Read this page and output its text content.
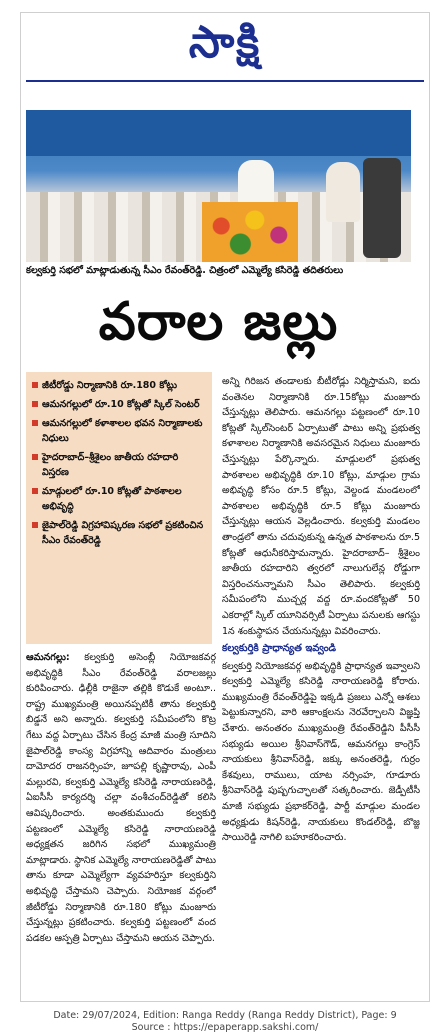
సాక్షి
కల్వకుర్తి సభలో మాట్లాడుతున్న సీఎం రేవంత్‌రెడ్డి. చిత్రంలో ఎమ్మెల్యే కసిరెడ్డి తదితరులు
వరాల జల్లు
జీటీరోడ్డు నిర్మాణానికి రూ.180 కోట్లు
ఆమనగల్లులో రూ.10 కోట్లతో స్కిల్‌ సెంటర్‌
ఆమనగల్లులో కళాశాలల భవన నిర్మాణాలకు నిధులు
హైదరాబాద్‌–శ్రీశైలం జాతీయ రహదారి విస్తరణ
మాడ్గులలో రూ.10 కోట్లతో పాఠశాలల అభివృద్ధి
జైపాల్‌రెడ్డి విగ్రహావిష్కరణ సభలో ప్రకటించిన సీఎం రేవంత్‌రెడ్డి
ఆమనగల్లు: కల్వకుర్తి అసెంబ్లీ నియోజకవర్గ అభివృద్ధికి సీఎం రేవంత్‌రెడ్డి వరాలజల్లు కురిపించారు. ఢిల్లీకి రాజైనా తల్లికి కొడుకే అంటూ.. రాష్ట్ర ముఖ్యమంత్రి అయినప్పటికీ తాను కల్వకుర్తి బిడ్డనే అని అన్నారు. కల్వకుర్తి సమీపంలోని కొట్ర గేటు వద్ద ఏర్పాటు చేసిన కేంద్ర మాజీ మంత్రి సూదిని జైపాల్‌రెడ్డి కాంస్య విగ్రహాన్ని ఆదివారం మంత్రులు దామోదర రాజనర్సింహ, జూపల్లి కృష్ణారావు, ఎంపీ మల్లురవి, కల్వకుర్తి ఎమ్మెల్యే కసిరెడ్డి నారాయణరెడ్డి, ఏఐసీసీ కార్యదర్శి చల్లా వంశీచంద్‌రెడ్డితో కలిసి ఆవిష్కరించారు. అంతకుముందు కల్వకుర్తి పట్టణంలో ఎమ్మెల్యే కసిరెడ్డి నారాయణరెడ్డి అధ్యక్షతన జరిగిన సభలో ముఖ్యమంత్రి మాట్లాడారు. స్థానిక ఎమ్మెల్యే నారాయణరెడ్డితో పాటు తాను కూడా ఎమ్మెల్యేగా వ్యవహరిస్తూ కల్వకుర్తిని అభివృద్ధి చేస్తామని చెప్పారు. నియోజక వర్గంలో జీటీరోడ్డు నిర్మాణానికి రూ.180 కోట్లు మంజూరు చేస్తున్నట్లు ప్రకటించారు. కల్వకుర్తి పట్టణంలో వంద పడకల ఆస్పత్రి ఏర్పాటు చేస్తామని ఆయన చెప్పారు.
అన్ని గిరిజన తండాలకు బీటీరోడ్లు నిర్మిస్తామని, ఐదు వంతెనల నిర్మాణానికి రూ.15కోట్లు మంజూరు చేస్తున్నట్లు తెలిపారు. ఆమనగల్లు పట్టణంలో రూ.10 కోట్లతో స్కిల్‌సెంటర్‌ ఏర్పాటుతో పాటు అన్ని ప్రభుత్వ కళాశాలల నిర్మాణానికి అవసరమైన నిధులు మంజూరు చేస్తున్నట్లు పేర్కొన్నారు. మాడ్గులలో ప్రభుత్వ పాఠశాలల అభివృద్ధికి రూ.10 కోట్లు, మాడ్గుల గ్రామ అభివృద్ధి కోసం రూ.5 కోట్లు, వెల్దండ మండలంలో పాఠశాలల అభివృద్ధికి రూ.5 కోట్లు మంజూరు చేస్తున్నట్లు ఆయన వెల్లడించారు. కల్వకుర్తి మండలం తాండ్రలో తాను చదువుకున్న ఉన్నత పాఠశాలను రూ.5 కోట్లతో ఆధునీకరిస్తామన్నారు. హైదరాబాద్‌– శ్రీశైలం జాతీయ రహదారిని త్వరలో నాలుగులేన్ల రోడ్డుగా విస్తరించనున్నామని సీఎం తెలిపారు. కల్వకుర్తి సమీపంలోని ముచ్చర్ల వద్ద రూ.వందకోట్లతో 50 ఎకరాల్లో స్కిల్‌ యూనివర్సిటీ ఏర్పాటు పనులకు ఆగస్టు 1న శంకుస్థాపన చేయనున్నట్లు వివరించారు.
కల్వకుర్తికి ప్రాధాన్యత ఇవ్వండి
కల్వకుర్తి నియోజకవర్గ అభివృద్ధికి ప్రాధాన్యత ఇవ్వాలని కల్వకుర్తి ఎమ్మెల్యే కసిరెడ్డి నారాయణరెడ్డి కోరారు. ముఖ్యమంత్రి రేవంత్‌రెడ్డిపై ఇక్కడి ప్రజలు ఎన్నో ఆశలు పెట్టుకున్నారని, వారి ఆకాంక్షలను నెరవేర్చాలని విజ్ఞప్తి చేశారు. అనంతరం ముఖ్యమంత్రి రేవంత్‌రెడ్డిని పీసీసీ సభ్యుడు అయిల శ్రీనివాస్‌గౌడ్‌, ఆమనగల్లు కాంగ్రెస్‌ నాయకులు శ్రీనివాస్‌రెడ్డి, జక్కు అనంతరెడ్డి, గుర్రం కేశవులు, రాములు, యాట నర్సింహ, గూడూరు శ్రీనివాస్‌రెడ్డి పుష్పగుచ్ఛాలతో సత్కరించారు. జెడ్పీటీసీ మాజీ సభ్యుడు ప్రభాకర్‌రెడ్డి, పార్టీ మాడ్గుల మండల అధ్యక్షుడు కిషన్‌రెడ్డి, నాయకులు కొండల్‌రెడ్డి, బొజ్జ సాయిరెడ్డి నాగిలి బహూకరించారు.
Date: 29/07/2024, Edition: Ranga Reddy (Ranga Reddy District), Page: 9
Source : https://epaperapp.sakshi.com/
